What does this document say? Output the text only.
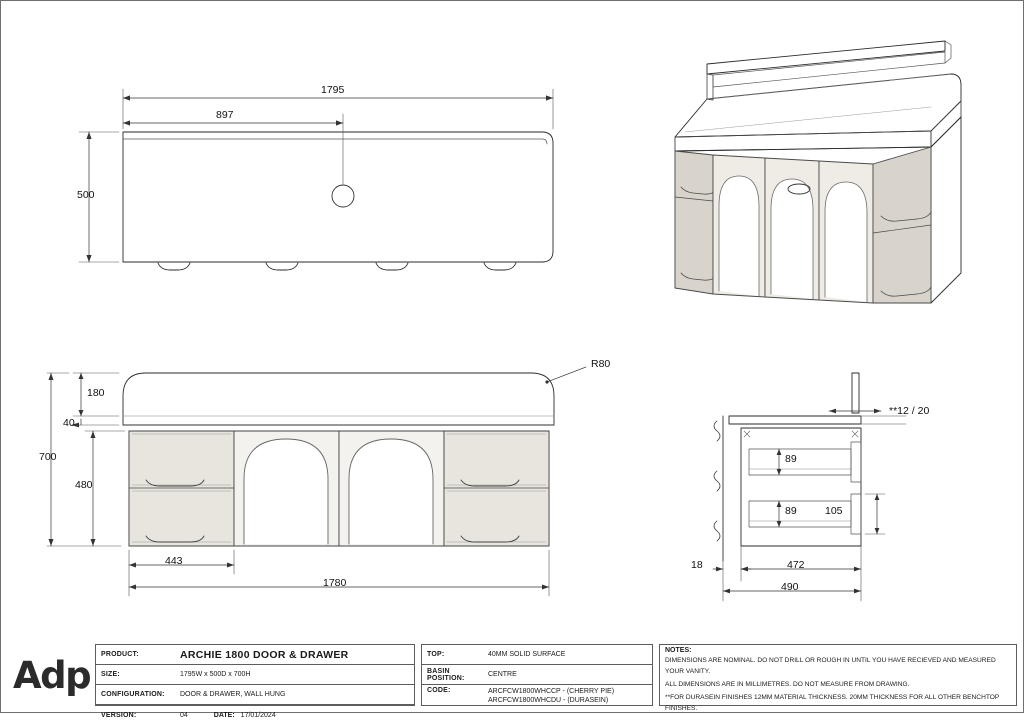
1795
897
500
R80
180
40
700
480
443
1780
**12 / 20
89
89	105
18	472
490
Adp	PRODUCT:	ARCHIE 1800 DOOR & DRAWER
SIZE:	1795W x 500D x 700H
CONFIGURATION:	DOOR & DRAWER, WALL HUNG
VERSION:	04	DATE: 17/01/2024
TOP:	40MM SOLID SURFACE
BASIN POSITION:	CENTRE
CODE:	ARCFCW1800WHCCP - (CHERRY PIE)
ARCFCW1800WHCDU - (DURASEIN)
NOTES:
DIMENSIONS ARE NOMINAL. DO NOT DRILL OR ROUGH IN UNTIL YOU HAVE RECIEVED AND MEASURED YOUR VANITY.
ALL DIMENSIONS ARE IN MILLIMETRES. DO NOT MEASURE FROM DRAWING.
**FOR DURASEIN FINISHES 12MM MATERIAL THICKNESS. 20MM THICKNESS FOR ALL OTHER BENCHTOP FINISHES.
